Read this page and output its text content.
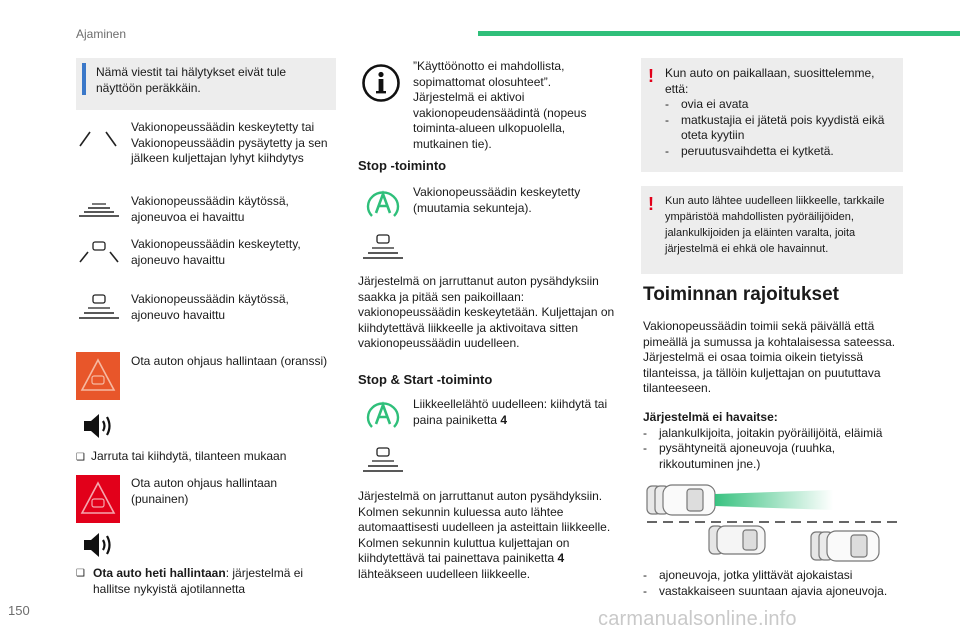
Ajaminen
Nämä viestit tai hälytykset eivät tule näyttöön peräkkäin.
Vakionopeussäädin keskeytetty tai Vakionopeussäädin pysäytetty ja sen jälkeen kuljettajan lyhyt kiihdytys
Vakionopeussäädin käytössä, ajoneuvoa ei havaittu
Vakionopeussäädin keskeytetty, ajoneuvo havaittu
Vakionopeussäädin käytössä, ajoneuvo havaittu
Ota auton ohjaus hallintaan (oranssi)
❑ Jarruta tai kiihdytä, tilanteen mukaan
Ota auton ohjaus hallintaan (punainen)
❑ Ota auto heti hallintaan: järjestelmä ei hallitse nykyistä ajotilannetta
”Käyttöönotto ei mahdollista, sopimattomat olosuhteet”. Järjestelmä ei aktivoi vakionopeudensäädintä (nopeus toiminta-alueen ulkopuolella, mutkainen tie).
Stop -toiminto
Vakionopeussäädin keskeytetty (muutamia sekunteja).
Järjestelmä on jarruttanut auton pysähdyksiin saakka ja pitää sen paikoillaan: vakionopeussäädin keskeytetään. Kuljettajan on kiihdytettävä liikkeelle ja aktivoitava sitten vakionopeussäädin uudelleen.
Stop & Start -toiminto
Liikkeellelähtö uudelleen: kiihdytä tai paina painiketta 4
Järjestelmä on jarruttanut auton pysähdyksiin. Kolmen sekunnin kuluessa auto lähtee automaattisesti uudelleen ja asteittain liikkeelle. Kolmen sekunnin kuluttua kuljettajan on kiihdytettävä tai painettava painiketta 4 lähteäkseen uudelleen liikkeelle.
! Kun auto on paikallaan, suosittelemme, että:
-	ovia ei avata
-	matkustajia ei jätetä pois kyydistä eikä oteta kyytiin
-	peruutusvaihdetta ei kytketä.
! Kun auto lähtee uudelleen liikkeelle, tarkkaile ympäristöä mahdollisten pyöräilijöiden, jalankulkijoiden ja eläinten varalta, joita järjestelmä ei ehkä ole havainnut.
Toiminnan rajoitukset
Vakionopeussäädin toimii sekä päivällä että pimeällä ja sumussa ja kohtalaisessa sateessa. Järjestelmä ei osaa toimia oikein tietyissä tilanteissa, ja tällöin kuljettajan on puututtava tilanteeseen.
Järjestelmä ei havaitse:
-	jalankulkijoita, joitakin pyöräilijöitä, eläimiä
-	pysähtyneitä ajoneuvoja (ruuhka, rikkoutuminen jne.)
-	ajoneuvoja, jotka ylittävät ajokaistasi
-	vastakkaiseen suuntaan ajavia ajoneuvoja.
150	carmanualsonline.info
